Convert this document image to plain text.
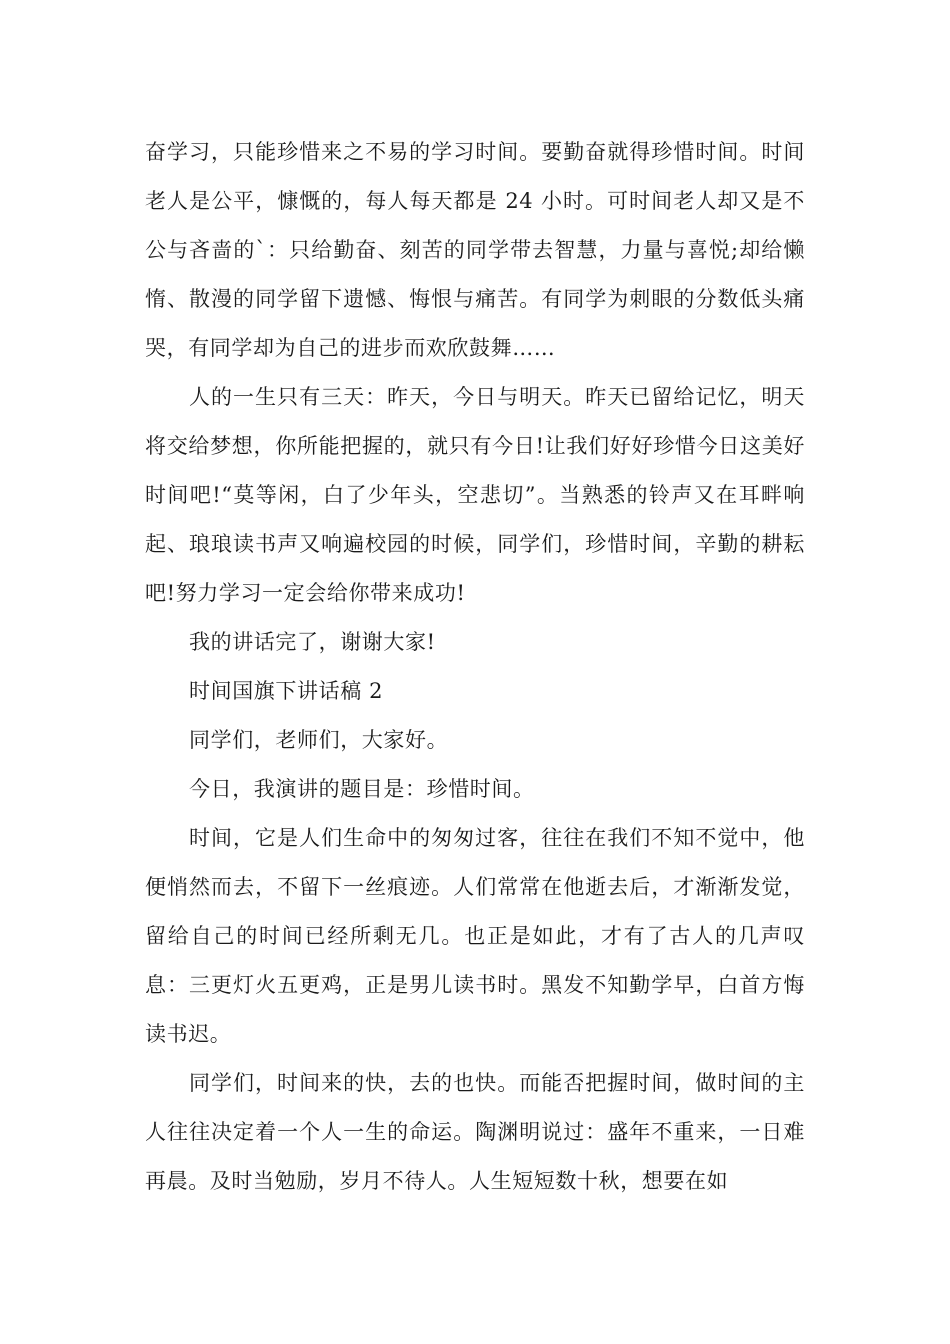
奋学习，只能珍惜来之不易的学习时间。要勤奋就得珍惜时间。时间老人是公平，慷慨的，每人每天都是 24 小时。可时间老人却又是不公与吝啬的`：只给勤奋、刻苦的同学带去智慧，力量与喜悦;却给懒惰、散漫的同学留下遗憾、悔恨与痛苦。有同学为刺眼的分数低头痛哭，有同学却为自己的进步而欢欣鼓舞……

人的一生只有三天：昨天，今日与明天。昨天已留给记忆，明天将交给梦想，你所能把握的，就只有今日!让我们好好珍惜今日这美好时间吧!“莫等闲，白了少年头，空悲切”。当熟悉的铃声又在耳畔响起、琅琅读书声又响遍校园的时候，同学们，珍惜时间，辛勤的耕耘吧!努力学习一定会给你带来成功!

我的讲话完了，谢谢大家!

时间国旗下讲话稿 2

同学们，老师们，大家好。

今日，我演讲的题目是：珍惜时间。

时间，它是人们生命中的匆匆过客，往往在我们不知不觉中，他便悄然而去，不留下一丝痕迹。人们常常在他逝去后，才渐渐发觉，留给自己的时间已经所剩无几。也正是如此，才有了古人的几声叹息：三更灯火五更鸡，正是男儿读书时。黑发不知勤学早，白首方悔读书迟。

同学们，时间来的快，去的也快。而能否把握时间，做时间的主人往往决定着一个人一生的命运。陶渊明说过：盛年不重来，一日难再晨。及时当勉励，岁月不待人。人生短短数十秋，想要在如
